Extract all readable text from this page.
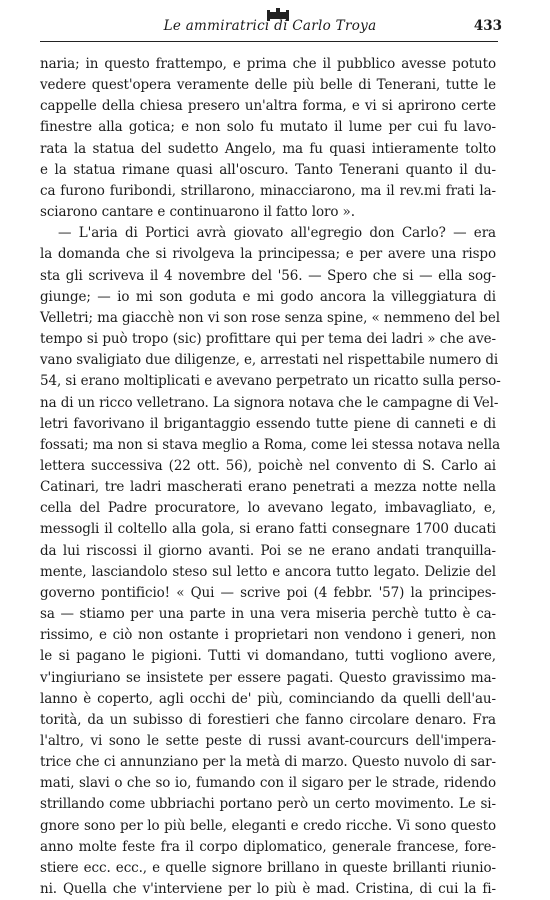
Le ammiratrici di Carlo Troya	433
naria; in questo frattempo, e prima che il pubblico avesse potuto
vedere quest'opera veramente delle più belle di Tenerani, tutte le
cappelle della chiesa presero un'altra forma, e vi si aprirono certe
finestre alla gotica; e non solo fu mutato il lume per cui fu lavo-
rata la statua del sudetto Angelo, ma fu quasi intieramente tolto
e la statua rimane quasi all'oscuro. Tanto Tenerani quanto il du-
ca furono furibondi, strillarono, minacciarono, ma il rev.mi frati la-
sciarono cantare e continuarono il fatto loro ».
— L'aria di Portici avrà giovato all'egregio don Carlo? — era
la domanda che si rivolgeva la principessa; e per avere una rispo
sta gli scriveva il 4 novembre del '56. — Spero che si — ella sog-
giunge; — io mi son goduta e mi godo ancora la villeggiatura di
Velletri; ma giacchè non vi son rose senza spine, « nemmeno del bel
tempo si può tropo (sic) profittare qui per tema dei ladri » che ave-
vano svaligiato due diligenze, e, arrestati nel rispettabile numero di
54, si erano moltiplicati e avevano perpetrato un ricatto sulla perso-
na di un ricco velletrano. La signora notava che le campagne di Vel-
letri favorivano il brigantaggio essendo tutte piene di canneti e di
fossati; ma non si stava meglio a Roma, come lei stessa notava nella
lettera successiva (22 ott. 56), poichè nel convento di S. Carlo ai
Catinari, tre ladri mascherati erano penetrati a mezza notte nella
cella del Padre procuratore, lo avevano legato, imbavagliato, e,
messogli il coltello alla gola, si erano fatti consegnare 1700 ducati
da lui riscossi il giorno avanti. Poi se ne erano andati tranquilla-
mente, lasciandolo steso sul letto e ancora tutto legato. Delizie del
governo pontificio! « Qui — scrive poi (4 febbr. '57) la principes-
sa — stiamo per una parte in una vera miseria perchè tutto è ca-
rissimo, e ciò non ostante i proprietari non vendono i generi, non
le si pagano le pigioni. Tutti vi domandano, tutti vogliono avere,
v'ingiuriano se insistete per essere pagati. Questo gravissimo ma-
lanno è coperto, agli occhi de' più, cominciando da quelli dell'au-
torità, da un subisso di forestieri che fanno circolare denaro. Fra
l'altro, vi sono le sette peste di russi avant-courcurs dell'impera-
trice che ci annunziano per la metà di marzo. Questo nuvolo di sar-
mati, slavi o che so io, fumando con il sigaro per le strade, ridendo
strillando come ubbriachi portano però un certo movimento. Le si-
gnore sono per lo più belle, eleganti e credo ricche. Vi sono questo
anno molte feste fra il corpo diplomatico, generale francese, fore-
stiere ecc. ecc., e quelle signore brillano in queste brillanti riunio-
ni. Quella che v'interviene per lo più è mad. Cristina, di cui la fi-
